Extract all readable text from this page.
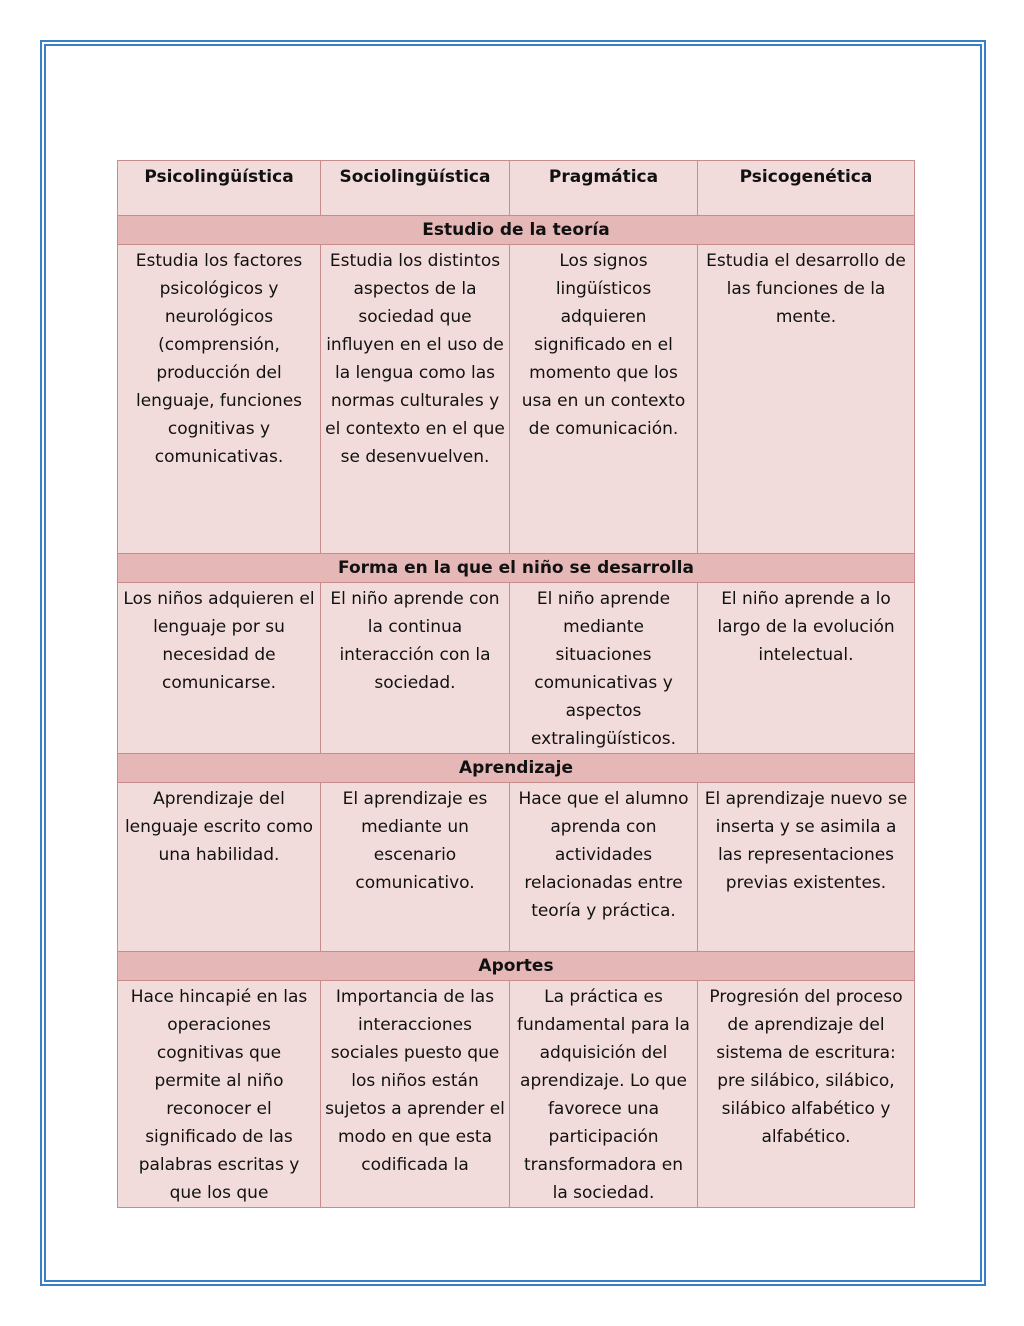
Psicolingüística	Sociolingüística	Pragmática	Psicogenética
Estudio de la teoría			
Estudia los factores psicológicos y neurológicos (comprensión, producción del lenguaje, funciones cognitivas y comunicativas.	Estudia los distintos aspectos de la sociedad que influyen en el uso de la lengua como las normas culturales y el contexto en el que se desenvuelven.	Los signos lingüísticos adquieren significado en el momento que los usa en un contexto de comunicación.	Estudia el desarrollo de las funciones de la mente.
Forma en la que el niño se desarrolla			
Los niños adquieren el lenguaje por su necesidad de comunicarse.	El niño aprende con la continua interacción con la sociedad.	El niño aprende mediante situaciones comunicativas y aspectos extralingüísticos.	El niño aprende a lo largo de la evolución intelectual.
Aprendizaje			
Aprendizaje del lenguaje escrito como una habilidad.	El aprendizaje es mediante un escenario comunicativo.	Hace que el alumno aprenda con actividades relacionadas entre teoría y práctica.	El aprendizaje nuevo se inserta y se asimila a las representaciones previas existentes.
Aportes			
Hace hincapié en las operaciones cognitivas que permite al niño reconocer el significado de las palabras escritas y que los que	Importancia de las interacciones sociales puesto que los niños están sujetos a aprender el modo en que esta codificada la	La práctica es fundamental para la adquisición del aprendizaje. Lo que favorece una participación transformadora en la sociedad.	Progresión del proceso de aprendizaje del sistema de escritura: pre silábico, silábico, silábico alfabético y alfabético.
